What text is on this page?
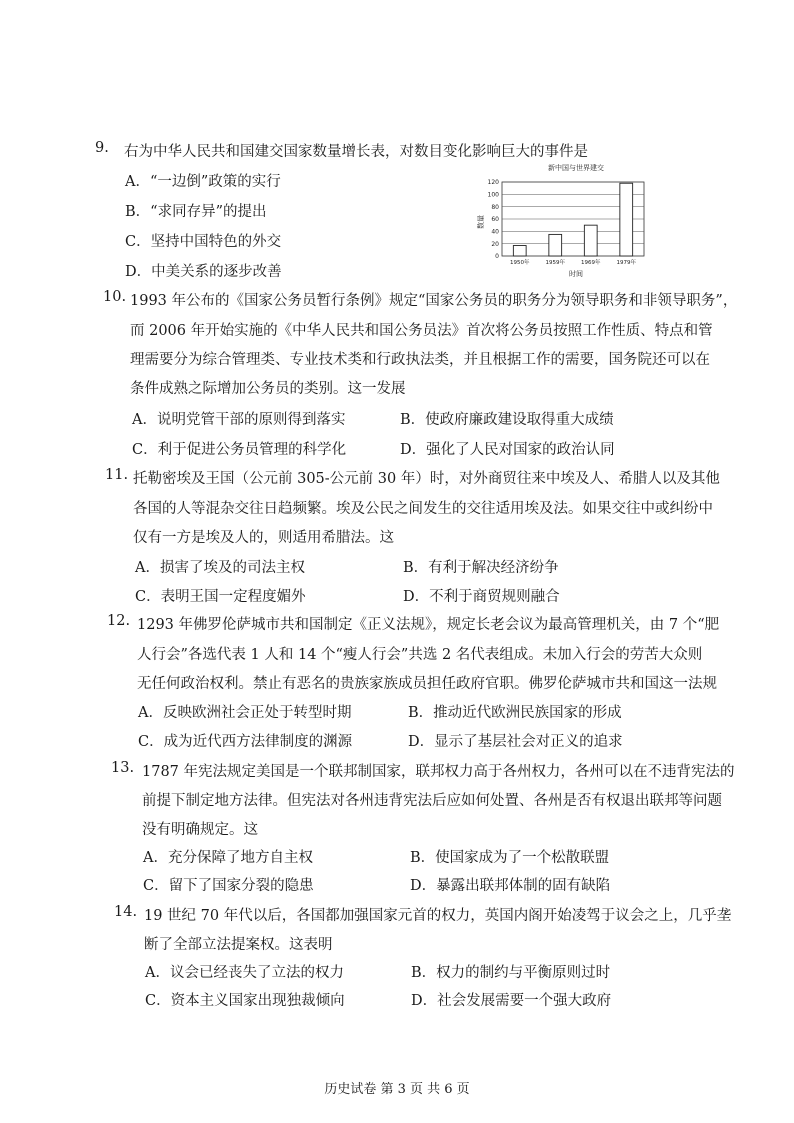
9. 右为中华人民共和国建交国家数量增长表，对数目变化影响巨大的事件是
A．“一边倒”政策的实行
B．“求同存异”的提出
C．坚持中国特色的外交
D．中美关系的逐步改善
新中国与世界建交
数量
时间
0
20
40
60
80
100
120
1950年	1959年	1969年	1979年
10. 1993 年公布的《国家公务员暂行条例》规定“国家公务员的职务分为领导职务和非领导职务”，
而 2006 年开始实施的《中华人民共和国公务员法》首次将公务员按照工作性质、特点和管
理需要分为综合管理类、专业技术类和行政执法类，并且根据工作的需要，国务院还可以在
条件成熟之际增加公务员的类别。这一发展
A．说明党管干部的原则得到落实	B．使政府廉政建设取得重大成绩
C．利于促进公务员管理的科学化	D．强化了人民对国家的政治认同
11. 托勒密埃及王国（公元前 305-公元前 30 年）时，对外商贸往来中埃及人、希腊人以及其他
各国的人等混杂交往日趋频繁。埃及公民之间发生的交往适用埃及法。如果交往中或纠纷中
仅有一方是埃及人的，则适用希腊法。这
A．损害了埃及的司法主权	B．有利于解决经济纷争
C．表明王国一定程度媚外	D．不利于商贸规则融合
12. 1293 年佛罗伦萨城市共和国制定《正义法规》，规定长老会议为最高管理机关，由 7 个“肥
人行会”各选代表 1 人和 14 个“瘦人行会”共选 2 名代表组成。未加入行会的劳苦大众则
无任何政治权利。禁止有恶名的贵族家族成员担任政府官职。佛罗伦萨城市共和国这一法规
A．反映欧洲社会正处于转型时期	B．推动近代欧洲民族国家的形成
C．成为近代西方法律制度的渊源	D．显示了基层社会对正义的追求
13. 1787 年宪法规定美国是一个联邦制国家，联邦权力高于各州权力，各州可以在不违背宪法的
前提下制定地方法律。但宪法对各州违背宪法后应如何处置、各州是否有权退出联邦等问题
没有明确规定。这
A．充分保障了地方自主权	B．使国家成为了一个松散联盟
C．留下了国家分裂的隐患	D．暴露出联邦体制的固有缺陷
14. 19 世纪 70 年代以后，各国都加强国家元首的权力，英国内阁开始凌驾于议会之上，几乎垄
断了全部立法提案权。这表明
A．议会已经丧失了立法的权力	B．权力的制约与平衡原则过时
C．资本主义国家出现独裁倾向	D．社会发展需要一个强大政府
历史试卷 第 3 页 共 6 页
